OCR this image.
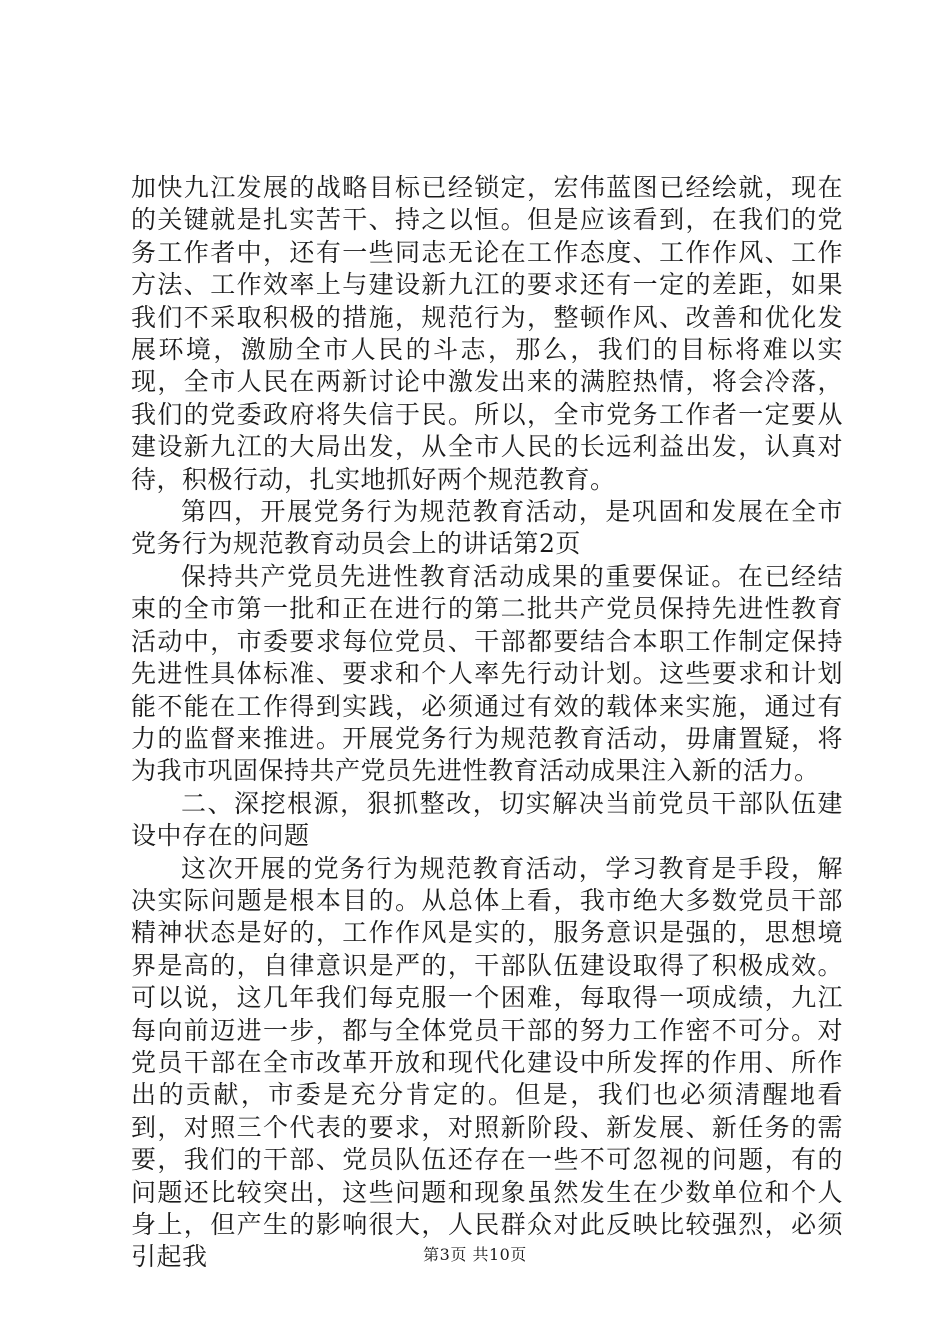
加快九江发展的战略目标已经锁定，宏伟蓝图已经绘就，现在的关键就是扎实苦干、持之以恒。但是应该看到，在我们的党务工作者中，还有一些同志无论在工作态度、工作作风、工作方法、工作效率上与建设新九江的要求还有一定的差距，如果我们不采取积极的措施，规范行为，整顿作风、改善和优化发展环境，激励全市人民的斗志，那么，我们的目标将难以实现，全市人民在两新讨论中激发出来的满腔热情，将会冷落，我们的党委政府将失信于民。所以，全市党务工作者一定要从建设新九江的大局出发，从全市人民的长远利益出发，认真对待，积极行动，扎实地抓好两个规范教育。

第四，开展党务行为规范教育活动，是巩固和发展在全市党务行为规范教育动员会上的讲话第2页

保持共产党员先进性教育活动成果的重要保证。在已经结束的全市第一批和正在进行的第二批共产党员保持先进性教育活动中，市委要求每位党员、干部都要结合本职工作制定保持先进性具体标准、要求和个人率先行动计划。这些要求和计划能不能在工作得到实践，必须通过有效的载体来实施，通过有力的监督来推进。开展党务行为规范教育活动，毋庸置疑，将为我市巩固保持共产党员先进性教育活动成果注入新的活力。

二、深挖根源，狠抓整改，切实解决当前党员干部队伍建设中存在的问题

这次开展的党务行为规范教育活动，学习教育是手段，解决实际问题是根本目的。从总体上看，我市绝大多数党员干部精神状态是好的，工作作风是实的，服务意识是强的，思想境界是高的，自律意识是严的，干部队伍建设取得了积极成效。可以说，这几年我们每克服一个困难，每取得一项成绩，九江每向前迈进一步，都与全体党员干部的努力工作密不可分。对党员干部在全市改革开放和现代化建设中所发挥的作用、所作出的贡献，市委是充分肯定的。但是，我们也必须清醒地看到，对照三个代表的要求，对照新阶段、新发展、新任务的需要，我们的干部、党员队伍还存在一些不可忽视的问题，有的问题还比较突出，这些问题和现象虽然发生在少数单位和个人身上，但产生的影响很大，人民群众对此反映比较强烈，必须引起我	第3页 共10页
